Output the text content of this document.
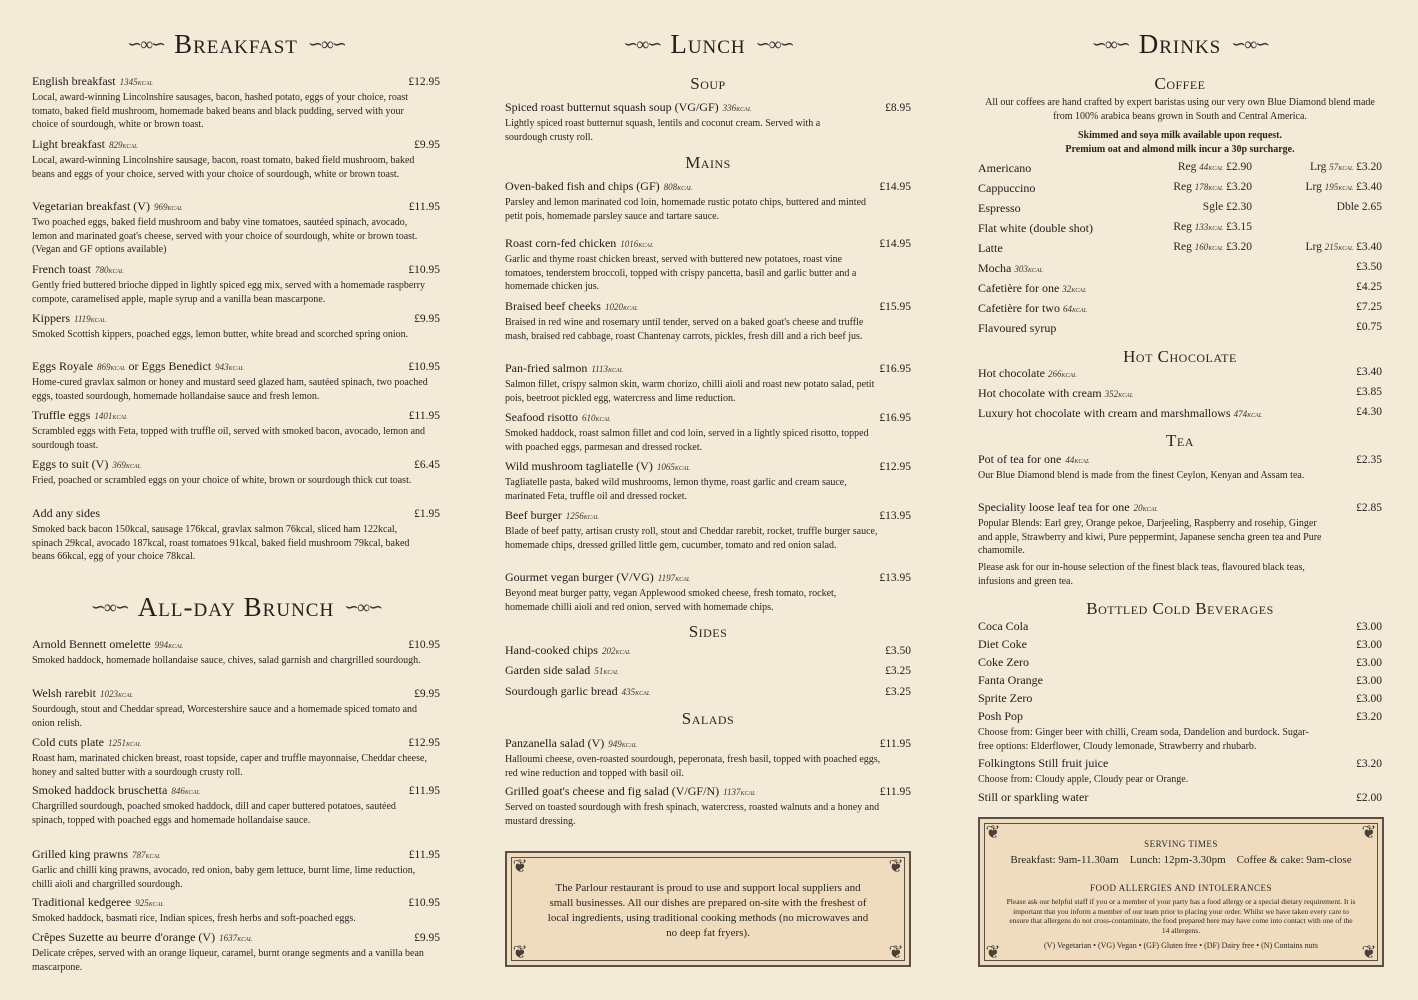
∽∞∽ Breakfast ∽∞∽
English breakfast 1345kcal	£12.95
Local, award-winning Lincolnshire sausages, bacon, hashed potato, eggs of your choice, roast tomato, baked field mushroom, homemade baked beans and black pudding, served with your choice of sourdough, white or brown toast.
Light breakfast 829kcal	£9.95
Local, award-winning Lincolnshire sausage, bacon, roast tomato, baked field mushroom, baked beans and eggs of your choice, served with your choice of sourdough, white or brown toast.
Vegetarian breakfast (V) 969kcal	£11.95
Two poached eggs, baked field mushroom and baby vine tomatoes, sautéed spinach, avocado, lemon and marinated goat's cheese, served with your choice of sourdough, white or brown toast. (Vegan and GF options available)
French toast 780kcal	£10.95
Gently fried buttered brioche dipped in lightly spiced egg mix, served with a homemade raspberry compote, caramelised apple, maple syrup and a vanilla bean mascarpone.
Kippers 1119kcal	£9.95
Smoked Scottish kippers, poached eggs, lemon butter, white bread and scorched spring onion.
Eggs Royale 869kcal or Eggs Benedict 943kcal	£10.95
Home-cured gravlax salmon or honey and mustard seed glazed ham, sautéed spinach, two poached eggs, toasted sourdough, homemade hollandaise sauce and fresh lemon.
Truffle eggs 1401kcal	£11.95
Scrambled eggs with Feta, topped with truffle oil, served with smoked bacon, avocado, lemon and sourdough toast.
Eggs to suit (V) 369kcal	£6.45
Fried, poached or scrambled eggs on your choice of white, brown or sourdough thick cut toast.
Add any sides	£1.95
Smoked back bacon 150kcal, sausage 176kcal, gravlax salmon 76kcal, sliced ham 122kcal, spinach 29kcal, avocado 187kcal, roast tomatoes 91kcal, baked field mushroom 79kcal, baked beans 66kcal, egg of your choice 78kcal.
∽∞∽ All-day Brunch ∽∞∽
Arnold Bennett omelette 994kcal	£10.95
Smoked haddock, homemade hollandaise sauce, chives, salad garnish and chargrilled sourdough.
Welsh rarebit 1023kcal	£9.95
Sourdough, stout and Cheddar spread, Worcestershire sauce and a homemade spiced tomato and onion relish.
Cold cuts plate 1251kcal	£12.95
Roast ham, marinated chicken breast, roast topside, caper and truffle mayonnaise, Cheddar cheese, honey and salted butter with a sourdough crusty roll.
Smoked haddock bruschetta 846kcal	£11.95
Chargrilled sourdough, poached smoked haddock, dill and caper buttered potatoes, sautéed spinach, topped with poached eggs and homemade hollandaise sauce.
Grilled king prawns 787kcal	£11.95
Garlic and chilli king prawns, avocado, red onion, baby gem lettuce, burnt lime, lime reduction, chilli aioli and chargrilled sourdough.
Traditional kedgeree 925kcal	£10.95
Smoked haddock, basmati rice, Indian spices, fresh herbs and soft-poached eggs.
Crêpes Suzette au beurre d'orange (V) 1637kcal	£9.95
Delicate crêpes, served with an orange liqueur, caramel, burnt orange segments and a vanilla bean mascarpone.
∽∞∽ Lunch ∽∞∽
Soup
Mains
Sides
Salads
Spiced roast butternut squash soup (VG/GF) 336kcal	£8.95
Lightly spiced roast butternut squash, lentils and coconut cream. Served with a sourdough crusty roll.
Oven-baked fish and chips (GF) 808kcal	£14.95
Parsley and lemon marinated cod loin, homemade rustic potato chips, buttered and minted petit pois, homemade parsley sauce and tartare sauce.
Roast corn-fed chicken 1016kcal	£14.95
Garlic and thyme roast chicken breast, served with buttered new potatoes, roast vine tomatoes, tenderstem broccoli, topped with crispy pancetta, basil and garlic butter and a homemade chicken jus.
Braised beef cheeks 1020kcal	£15.95
Braised in red wine and rosemary until tender, served on a baked goat's cheese and truffle mash, braised red cabbage, roast Chantenay carrots, pickles, fresh dill and a rich beef jus.
Pan-fried salmon 1113kcal	£16.95
Salmon fillet, crispy salmon skin, warm chorizo, chilli aioli and roast new potato salad, petit pois, beetroot pickled egg, watercress and lime reduction.
Seafood risotto 610kcal	£16.95
Smoked haddock, roast salmon fillet and cod loin, served in a lightly spiced risotto, topped with poached eggs, parmesan and dressed rocket.
Wild mushroom tagliatelle (V) 1065kcal	£12.95
Tagliatelle pasta, baked wild mushrooms, lemon thyme, roast garlic and cream sauce, marinated Feta, truffle oil and dressed rocket.
Beef burger 1256kcal	£13.95
Blade of beef patty, artisan crusty roll, stout and Cheddar rarebit, rocket, truffle burger sauce, homemade chips, dressed grilled little gem, cucumber, tomato and red onion salad.
Gourmet vegan burger (V/VG) 1197kcal	£13.95
Beyond meat burger patty, vegan Applewood smoked cheese, fresh tomato, rocket, homemade chilli aioli and red onion, served with homemade chips.
Hand-cooked chips 202kcal	£3.50
Garden side salad 51kcal	£3.25
Sourdough garlic bread 435kcal	£3.25
Panzanella salad (V) 949kcal	£11.95
Halloumi cheese, oven-roasted sourdough, peperonata, fresh basil, topped with poached eggs, red wine reduction and topped with basil oil.
Grilled goat's cheese and fig salad (V/GF/N) 1137kcal	£11.95
Served on toasted sourdough with fresh spinach, watercress, roasted walnuts and a honey and mustard dressing.
❦	❦
❦	❦
The Parlour restaurant is proud to use and support local suppliers and small businesses. All our dishes are prepared on-site with the freshest of local ingredients, using traditional cooking methods (no microwaves and no deep fat fryers).
∽∞∽ Drinks ∽∞∽
Coffee
All our coffees are hand crafted by expert baristas using our very own Blue Diamond blend made from 100% arabica beans grown in South and Central America.
Skimmed and soya milk available upon request.
Premium oat and almond milk incur a 30p surcharge.
Americano	Reg 44kcal £2.90	Lrg 57kcal £3.20
Cappuccino	Reg 178kcal £3.20	Lrg 195kcal £3.40
Espresso	Sgle £2.30	Dble 2.65
Flat white (double shot)	Reg 133kcal £3.15
Latte	Reg 160kcal £3.20	Lrg 215kcal £3.40
Mocha 303kcal	£3.50
Cafetière for one 32kcal	£4.25
Cafetière for two 64kcal	£7.25
Flavoured syrup	£0.75
Hot chocolate 266kcal	£3.40
Hot chocolate with cream 352kcal	£3.85
Luxury hot chocolate with cream and marshmallows 474kcal	£4.30
Hot Chocolate
Tea
Pot of tea for one 44kcal	£2.35
Our Blue Diamond blend is made from the finest Ceylon, Kenyan and Assam tea.
Speciality loose leaf tea for one 20kcal	£2.85
Popular Blends: Earl grey, Orange pekoe, Darjeeling, Raspberry and rosehip, Ginger and apple, Strawberry and kiwi, Pure peppermint, Japanese sencha green tea and Pure chamomile.
Please ask for our in-house selection of the finest black teas, flavoured black teas, infusions and green tea.
Bottled Cold Beverages
Coca Cola	£3.00
Diet Coke	£3.00
Coke Zero	£3.00
Fanta Orange	£3.00
Sprite Zero	£3.00
Posh Pop	£3.20
Choose from: Ginger beer with chilli, Cream soda, Dandelion and burdock. Sugar-free options: Elderflower, Cloudy lemonade, Strawberry and rhubarb.
Folkingtons Still fruit juice	£3.20
Choose from: Cloudy apple, Cloudy pear or Orange.
Still or sparkling water	£2.00
❦	❦
❦	❦
SERVING TIMES
Breakfast: 9am-11.30am    Lunch: 12pm-3.30pm    Coffee & cake: 9am-close
FOOD ALLERGIES AND INTOLERANCES
Please ask our helpful staff if you or a member of your party has a food allergy or a special dietary requirement. It is important that you inform a member of our team prior to placing your order. Whilst we have taken every care to ensure that allergens do not cross-contaminate, the food prepared here may have come into contact with one of the 14 allergens.
(V) Vegetarian • (VG) Vegan • (GF) Gluten free • (DF) Dairy free • (N) Contains nuts
